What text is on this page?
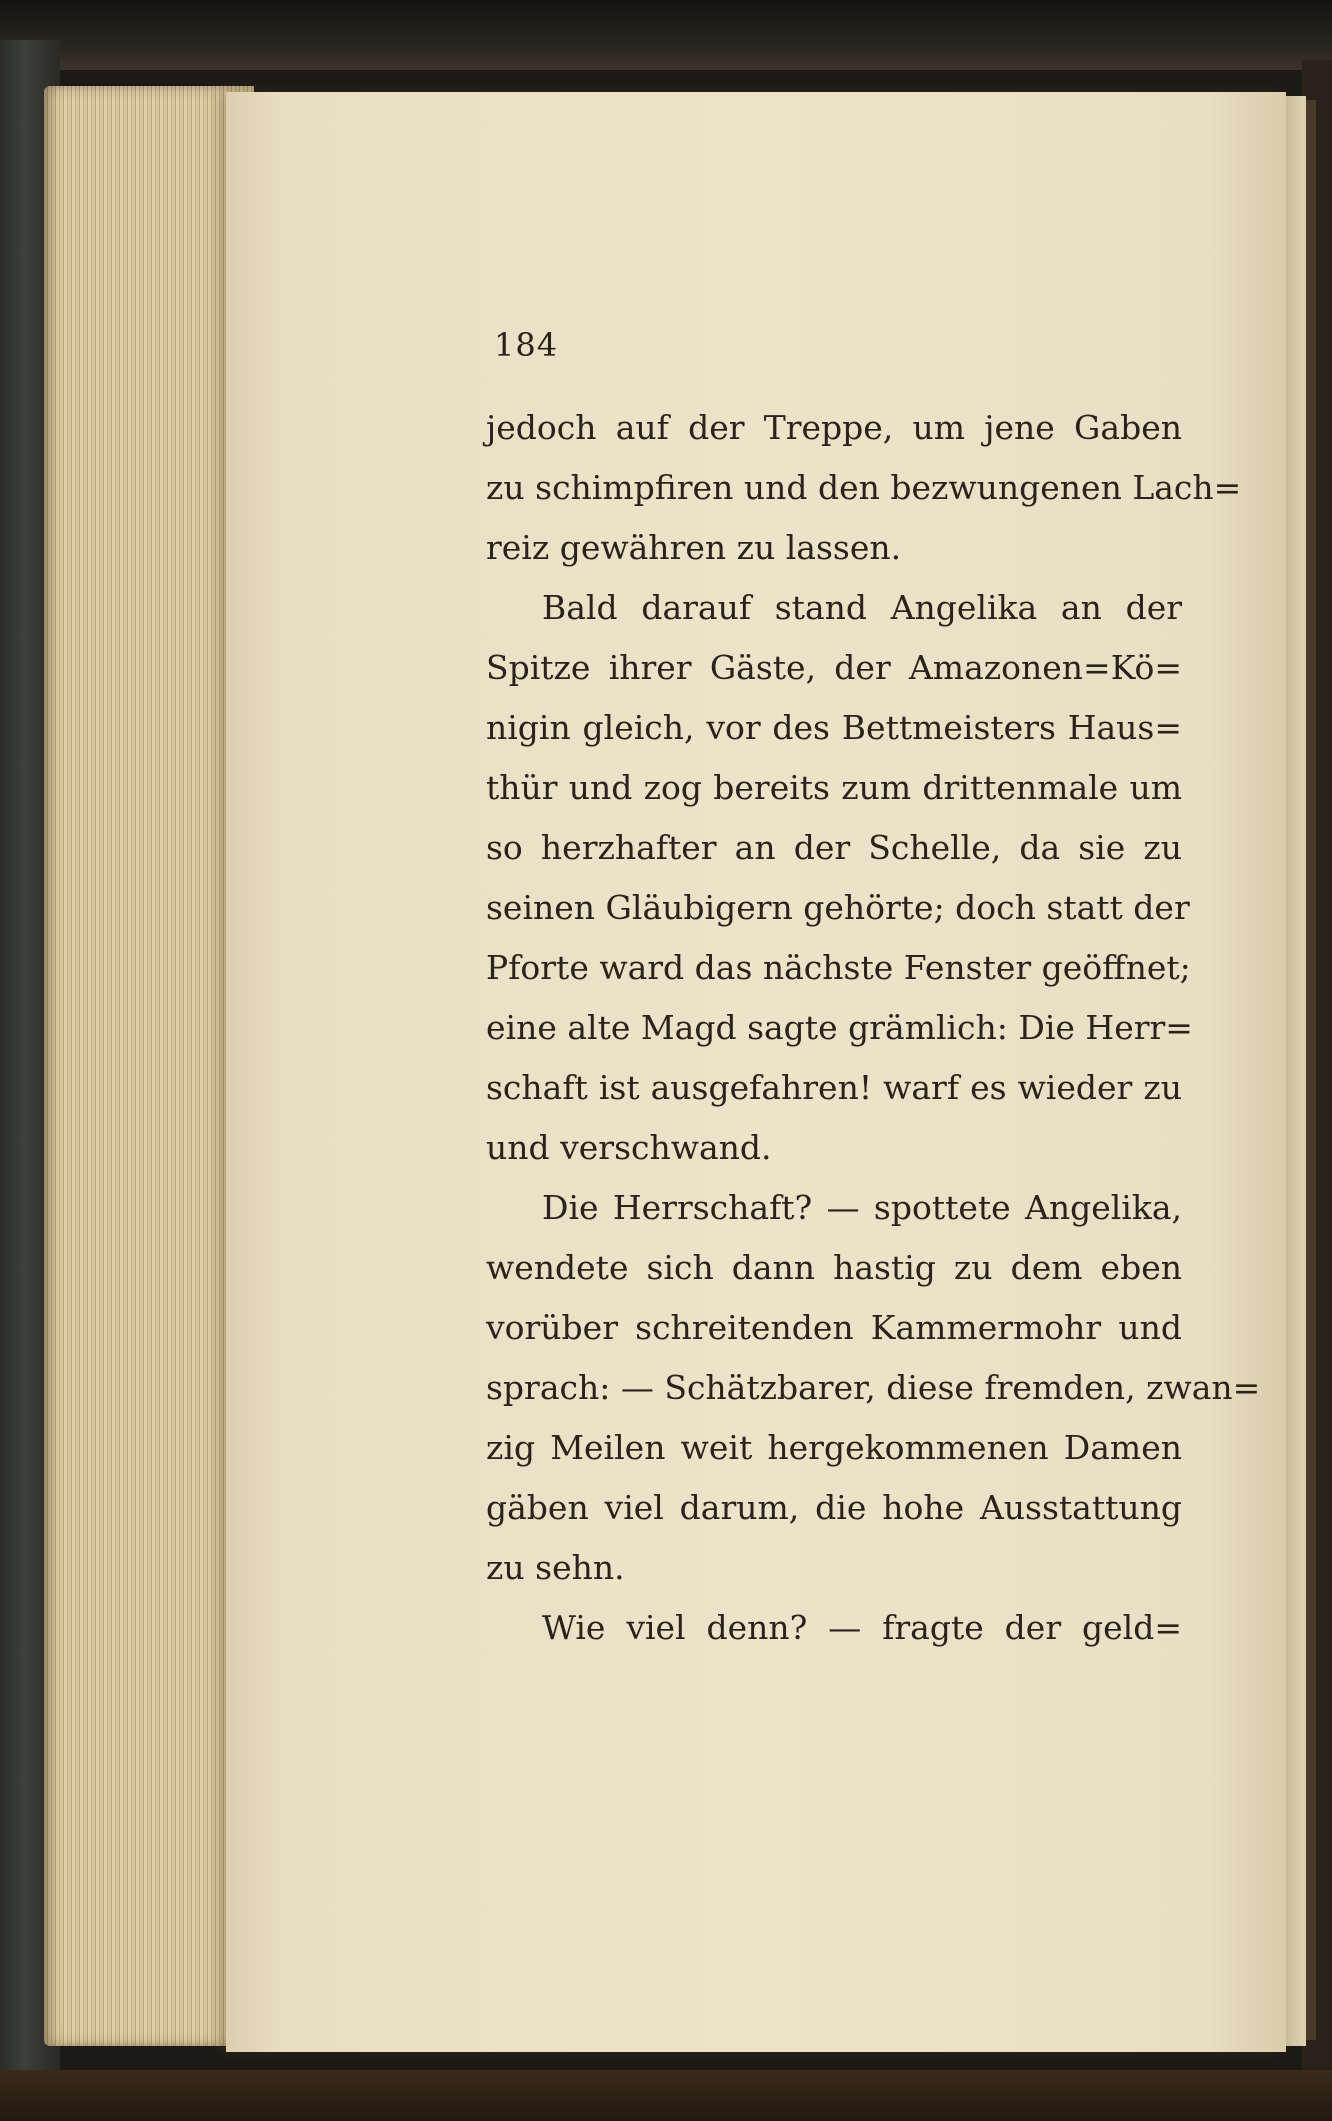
184
jedoch auf der Treppe, um jene Gaben
zu schimpfiren und den bezwungenen Lach=
reiz gewähren zu lassen.
Bald darauf stand Angelika an der
Spitze ihrer Gäste, der Amazonen=Kö=
nigin gleich, vor des Bettmeisters Haus=
thür und zog bereits zum drittenmale um
so herzhafter an der Schelle, da sie zu
seinen Gläubigern gehörte; doch statt der
Pforte ward das nächste Fenster geöffnet;
eine alte Magd sagte grämlich: Die Herr=
schaft ist ausgefahren! warf es wieder zu
und verschwand.
Die Herrschaft? — spottete Angelika,
wendete sich dann hastig zu dem eben
vorüber schreitenden Kammermohr und
sprach: — Schätzbarer, diese fremden, zwan=
zig Meilen weit hergekommenen Damen
gäben viel darum, die hohe Ausstattung
zu sehn.
Wie viel denn? — fragte der geld=
